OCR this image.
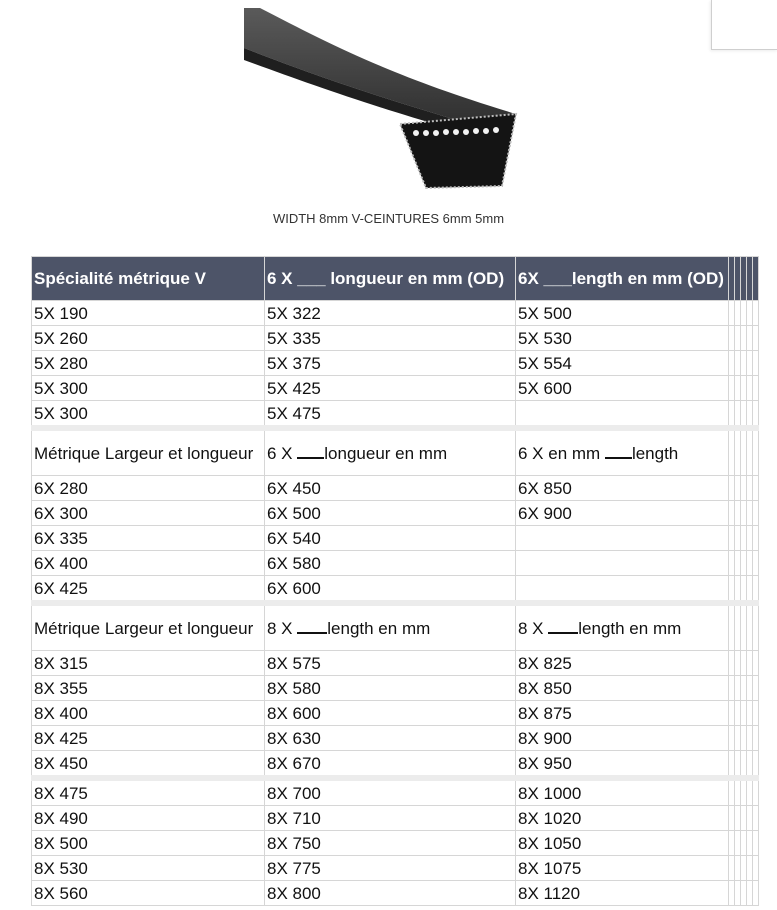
WIDTH 8mm V-CEINTURES 6mm 5mm
Spécialité métrique V	6 X ___ longueur en mm (OD)	6X ___length en mm (OD)					
5X 190	5X 322	5X 500					
5X 260	5X 335	5X 530					
5X 280	5X 375	5X 554					
5X 300	5X 425	5X 600					
5X 300	5X 475						
Métrique Largeur et longueur	6 X longueur en mm	6 X en mm length					
6X 280	6X 450	6X 850					
6X 300	6X 500	6X 900					
6X 335	6X 540						
6X 400	6X 580						
6X 425	6X 600						
Métrique Largeur et longueur	8 X length en mm	8 X length en mm					
8X 315	8X 575	8X 825					
8X 355	8X 580	8X 850					
8X 400	8X 600	8X 875					
8X 425	8X 630	8X 900					
8X 450	8X 670	8X 950					
8X 475	8X 700	8X 1000					
8X 490	8X 710	8X 1020					
8X 500	8X 750	8X 1050					
8X 530	8X 775	8X 1075					
8X 560	8X 800	8X 1120					
